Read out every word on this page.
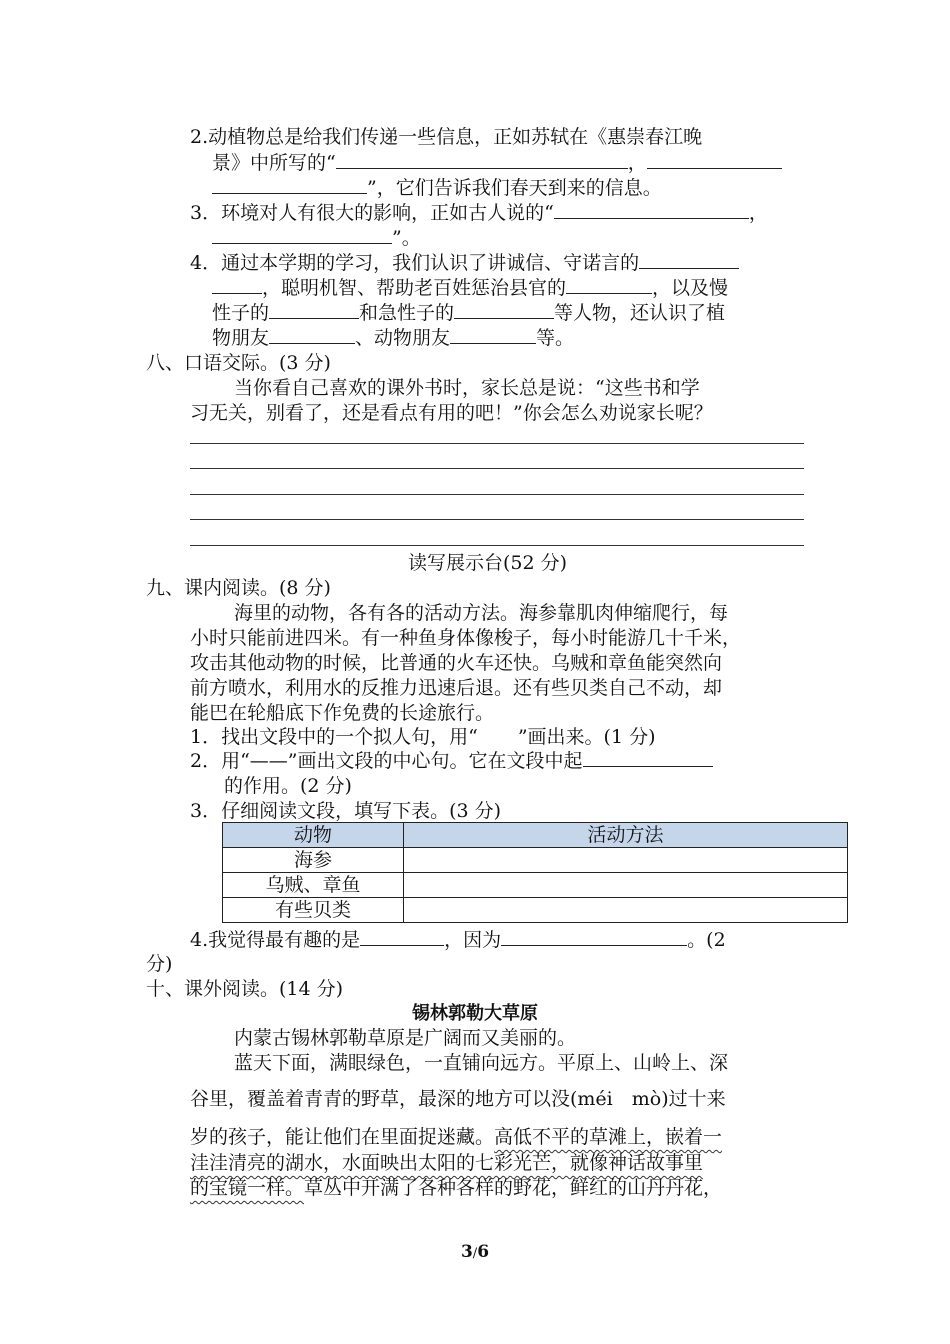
2.动植物总是给我们传递一些信息，正如苏轼在《惠崇春江晚
景》中所写的“	，
”，它们告诉我们春天到来的信息。
3．环境对人有很大的影响，正如古人说的“	，
”。
4．通过本学期的学习，我们认识了讲诚信、守诺言的
，聪明机智、帮助老百姓惩治县官的	，以及慢
性子的	和急性子的	等人物，还认识了植
物朋友	、动物朋友	等。
八、口语交际。(3 分)
当你看自己喜欢的课外书时，家长总是说：“这些书和学
习无关，别看了，还是看点有用的吧！”你会怎么劝说家长呢？
读写展示台(52 分)
九、课内阅读。(8 分)
海里的动物，各有各的活动方法。海参靠肌肉伸缩爬行，每
小时只能前进四米。有一种鱼身体像梭子，每小时能游几十千米，
攻击其他动物的时候，比普通的火车还快。乌贼和章鱼能突然向
前方喷水，利用水的反推力迅速后退。还有些贝类自己不动，却
能巴在轮船底下作免费的长途旅行。
1．找出文段中的一个拟人句，用“ ”画出来。(1 分)
2．用“——”画出文段的中心句。它在文段中起
的作用。(2 分)
3．仔细阅读文段，填写下表。(3 分)
动物	活动方法
海参	
乌贼、章鱼	
有些贝类	
4.我觉得最有趣的是	，因为	。(2
分)
十、课外阅读。(14 分)
锡林郭勒大草原
内蒙古锡林郭勒草原是广阔而又美丽的。
蓝天下面，满眼绿色，一直铺向远方。平原上、山岭上、深
谷里，覆盖着青青的野草，最深的地方可以没(méi　mò)过十来
岁的孩子，能让他们在里面捉迷藏。高低不平的草滩上，嵌着一
洼洼清亮的湖水，水面映出太阳的七彩光芒，就像神话故事里
的宝镜一样。草丛中开满了各种各样的野花，鲜红的山丹丹花，
3/6
